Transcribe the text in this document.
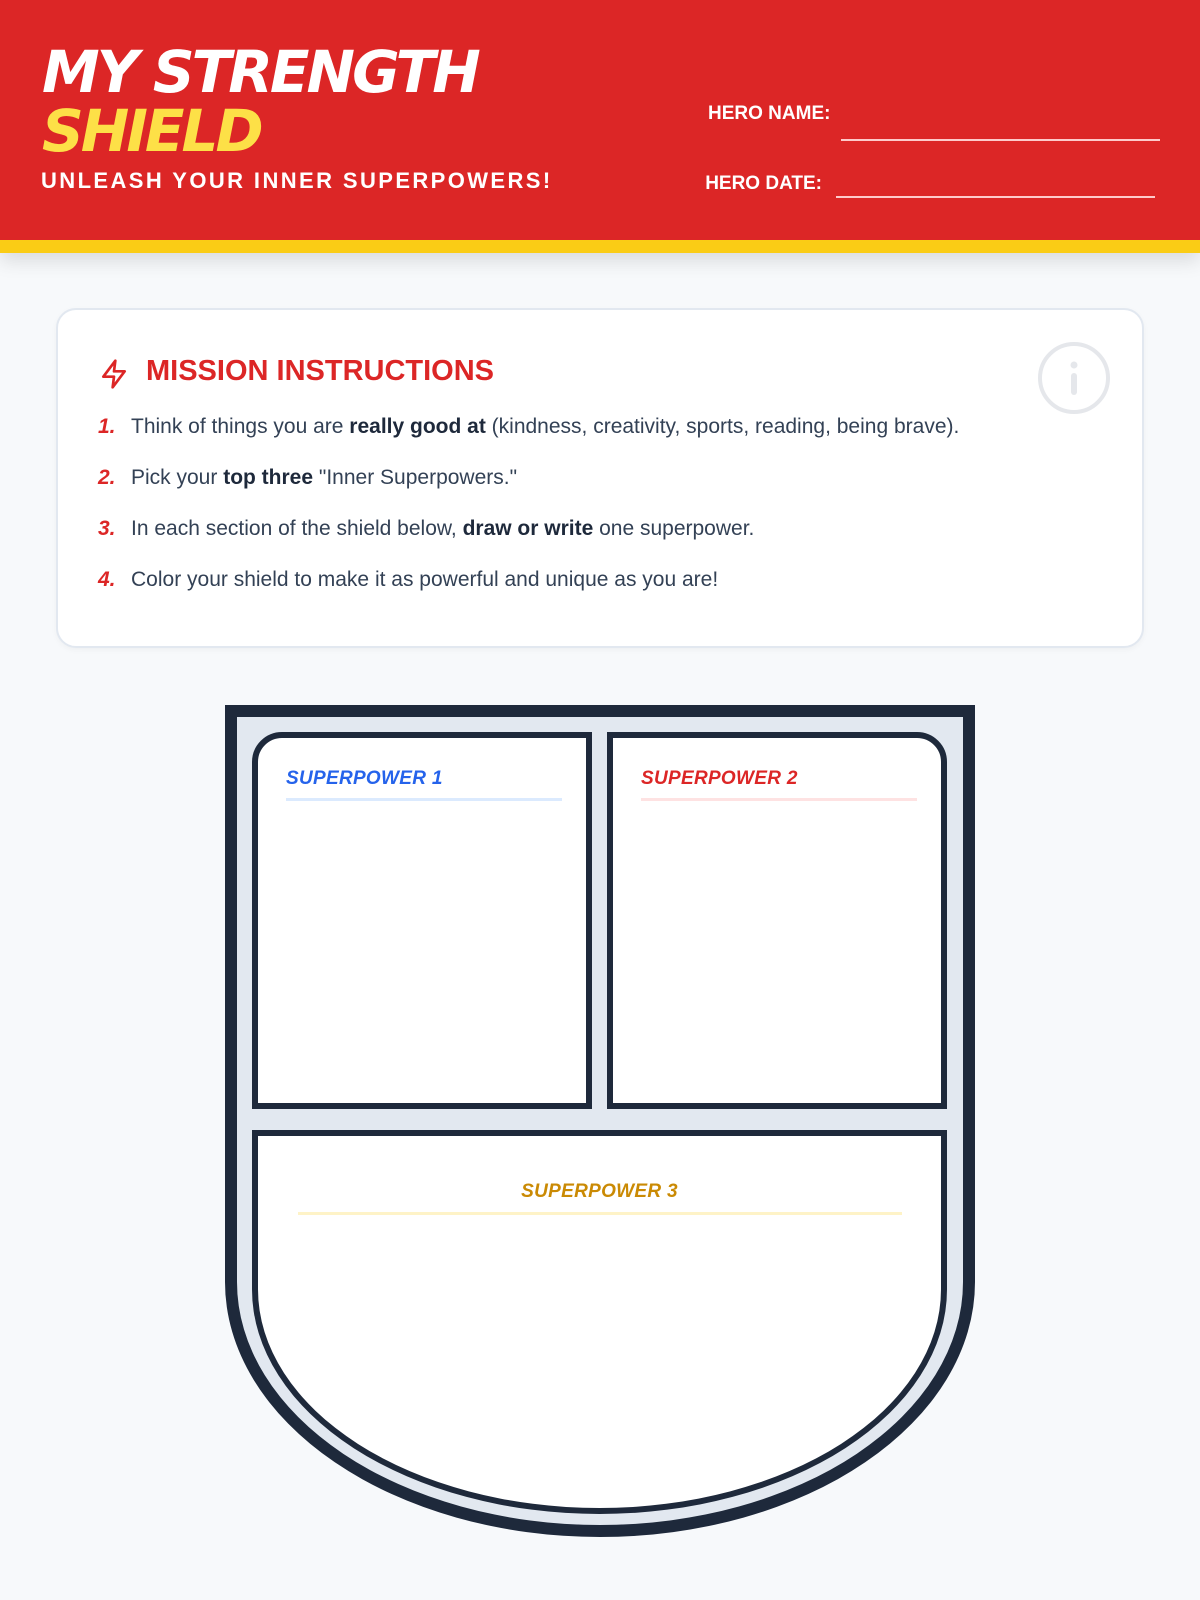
MY STRENGTH
SHIELD
UNLEASH YOUR INNER SUPERPOWERS!
HERO NAME:
HERO DATE:
MISSION INSTRUCTIONS
1. Think of things you are really good at (kindness, creativity, sports, reading, being brave).
2. Pick your top three "Inner Superpowers."
3. In each section of the shield below, draw or write one superpower.
4. Color your shield to make it as powerful and unique as you are!
SUPERPOWER 1	SUPERPOWER 2
SUPERPOWER 3
